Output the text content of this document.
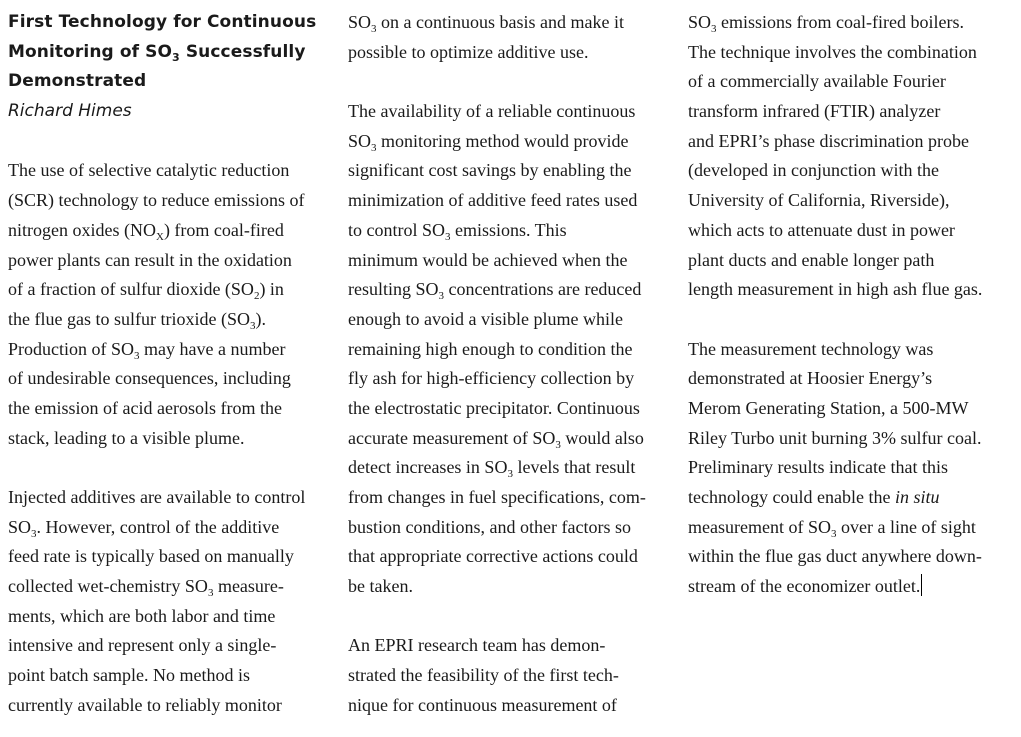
First Technology for Continuous
Monitoring of $SO_3$ Successfully
Demonstrated
Richard Himes
The use of selective catalytic reduction
(SCR) technology to reduce emissions of
nitrogen oxides $(NO_X)$ from coal-fired
power plants can result in the oxidation
of a fraction of sulfur dioxide $(SO_2)$ in
the flue gas to sulfur trioxide $(SO_3)$.
Production of $SO_3$ may have a number
of undesirable consequences, including
the emission of acid aerosols from the
stack, leading to a visible plume.
Injected additives are available to control
$SO_3$. However, control of the additive
feed rate is typically based on manually
collected wet-chemistry $SO_3$ measure-
ments, which are both labor and time
intensive and represent only a single-
point batch sample. No method is
currently available to reliably monitor
$SO_3$ on a continuous basis and make it
possible to optimize additive use.
The availability of a reliable continuous
$SO_3$ monitoring method would provide
significant cost savings by enabling the
minimization of additive feed rates used
to control $SO_3$ emissions. This
minimum would be achieved when the
resulting $SO_3$ concentrations are reduced
enough to avoid a visible plume while
remaining high enough to condition the
fly ash for high-efficiency collection by
the electrostatic precipitator. Continuous
accurate measurement of $SO_3$ would also
detect increases in $SO_3$ levels that result
from changes in fuel specifications, com-
bustion conditions, and other factors so
that appropriate corrective actions could
be taken.
An EPRI research team has demon-
strated the feasibility of the first tech-
nique for continuous measurement of
$SO_3$ emissions from coal-fired boilers.
The technique involves the combination
of a commercially available Fourier
transform infrared (FTIR) analyzer
and EPRI’s phase discrimination probe
(developed in conjunction with the
University of California, Riverside),
which acts to attenuate dust in power
plant ducts and enable longer path
length measurement in high ash flue gas.
The measurement technology was
demonstrated at Hoosier Energy’s
Merom Generating Station, a 500-MW
Riley Turbo unit burning 3% sulfur coal.
Preliminary results indicate that this
technology could enable the in situ
measurement of $SO_3$ over a line of sight
within the flue gas duct anywhere down-
stream of the economizer outlet.
